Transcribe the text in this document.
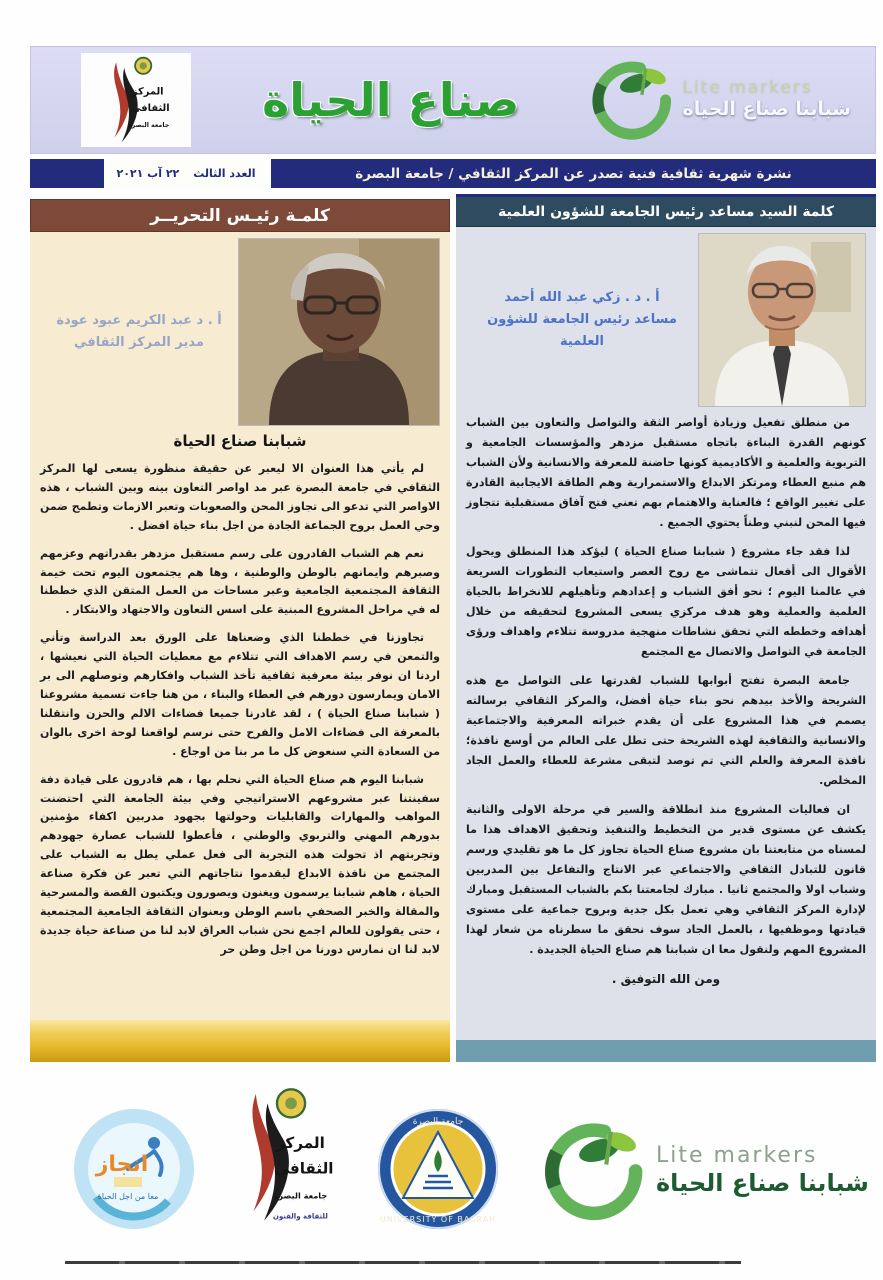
المركز
الثقافي
جامعة البصرة	صناع الحياة	Lite markers
شبابنا صناع الحياة
العدد الثالث
٢٢ آب ٢٠٢١	نشرة شهرية ثقافية فنية تصدر عن المركز الثقافي / جامعة البصرة
كلمـة رئيـس التحريــر
أ . د عبد الكريم عبود عودة
مدير المركز الثقافي
شبابنا صناع الحياة

لم يأتي هذا العنوان الا ليعبر عن حقيقة منظورة يسعى لها المركز الثقافي في جامعة البصرة عبر مد اواصر التعاون بينه وبين الشباب ، هذه الاواصر التي تدعو الى تجاوز المحن والصعوبات وتعبر الازمات وتطمح ضمن وحي العمل بروح الجماعة الجادة من اجل بناء حياة افضل .

نعم هم الشباب القادرون على رسم مستقبل مزدهر بقدراتهم وعزمهم وصبرهم وايمانهم بالوطن والوطنية ، وها هم يجتمعون اليوم تحت خيمة الثقافة المجتمعية الجامعية وعبر مساحات من العمل المتقن الذي خططنا له في مراحل المشروع المبنية على اسس التعاون والاجتهاد والابتكار .

تجاوزنا في خططنا الذي وضعناها على الورق بعد الدراسة وتأني والتمعن في رسم الاهداف التي تتلاءم مع معطيات الحياة التي نعيشها ، اردنا ان نوفر بيئة معرفية ثقافية تأخذ الشباب وافكارهم وتوصلهم الى بر الامان ويمارسون دورهم في العطاء والبناء ، من هنا جاءت تسمية مشروعنا ( شبابنا صناع الحياة ) ، لقد غادرنا جميعا فضاءات الالم والحزن وانتقلنا بالمعرفة الى فضاءات الامل والفرح حتى نرسم لواقعنا لوحة اخرى بالوان من السعادة التي سنعوض كل ما مر بنا من اوجاع .

شبابنا اليوم هم صناع الحياة التي نحلم بها ، هم قادرون على قيادة دفة سفينتنا عبر مشروعهم الاستراتيجي وفي بيئة الجامعة التي احتضنت المواهب والمهارات والقابليات وحولتها بجهود مدربين اكفاء مؤمنين بدورهم المهني والتربوي والوطني ، فأعطوا للشباب عصارة جهودهم وتجربتهم اذ تحولت هذه التجربة الى فعل عملي يطل به الشباب على المجتمع من نافذة الابداع ليقدموا نتاجاتهم التي تعبر عن فكرة صناعة الحياة ، هاهم شبابنا يرسمون ويغنون ويصورون ويكتبون القصة والمسرحية والمقالة والخبر الصحفي باسم الوطن وبعنوان الثقافة الجامعية المجتمعية ، حتى يقولون للعالم اجمع نحن شباب العراق لابد لنا من صناعة حياة جديدة لابد لنا ان نمارس دورنا من اجل وطن حر

كلمة السيد مساعد رئيس الجامعة للشؤون العلمية
أ . د . زكي عبد الله أحمد
مساعد رئيس الجامعة للشؤون العلمية

من منطلق تفعيل وزيادة أواصر الثقة والتواصل والتعاون بين الشباب كونهم القدرة البناءة باتجاه مستقبل مزدهر والمؤسسات الجامعية و التربوية والعلمية و الأكاديمية كونها حاضنة للمعرفة والانسانية ولأن الشباب هم منبع العطاء ومرتكز الابداع والاستمرارية وهم الطاقة الايجابية القادرة على تغيير الواقع ؛ فالعناية والاهتمام بهم تعني فتح آفاق مستقبلية تتجاوز فيها المحن لنبني وطناً يحتوي الجميع .

لذا فقد جاء مشروع ( شبابنا صناع الحياة ) ليؤكد هذا المنطلق ويحول الأقوال الى أفعال تتماشى مع روح العصر واستيعاب التطورات السريعة في عالمنا اليوم ؛ نحو أفق الشباب و إعدادهم وتأهيلهم للانخراط بالحياة العلمية والعملية وهو هدف مركزي يسعى المشروع لتحقيقه من خلال أهدافه وخططه التي تحقق نشاطات منهجية مدروسة تتلاءم واهداف ورؤى الجامعة في التواصل والاتصال مع المجتمع

جامعة البصرة تفتح أبوابها للشباب لقدرتها على التواصل مع هذه الشريحة والأخذ بيدهم نحو بناء حياة أفضل، والمركز الثقافي برسالته يصمم في هذا المشروع على أن يقدم خبراته المعرفية والاجتماعية والانسانية والثقافية لهذه الشريحة حتى تطل على العالم من أوسع نافذة؛ نافذة المعرفة والعلم التي تم توصد لتبقى مشرعة للعطاء والعمل الجاد المخلص.

ان فعاليات المشروع منذ انطلاقة والسير في مرحلة الاولى والثانية يكشف عن مستوى قدير من التخطيط والتنفيذ وتحقيق الاهداف هذا ما لمسناه من متابعتنا بان مشروع صناع الحياة تجاوز كل ما هو تقليدي ورسم قانون للتبادل الثقافي والاجتماعي عبر الانتاج والتفاعل بين المدربين وشباب اولا والمجتمع ثانيا . مبارك لجامعتنا بكم بالشباب المستقبل ومبارك لإدارة المركز الثقافي وهي تعمل بكل جدية وبروح جماعية على مستوى قيادتها وموظفيها ، بالعمل الجاد سوف نحقق ما سطرناه من شعار لهذا المشروع المهم ولنقول معا ان شبابنا هم صناع الحياة الجديدة .

ومن الله التوفيق .

انجاز
معا من اجل الحياة
المركز
الثقافي
جامعة البصرة
للثقافة والفنون
جامعة البصرة
UNIVERSITY OF BASRAH
Lite markers
شبابنا صناع الحياة
